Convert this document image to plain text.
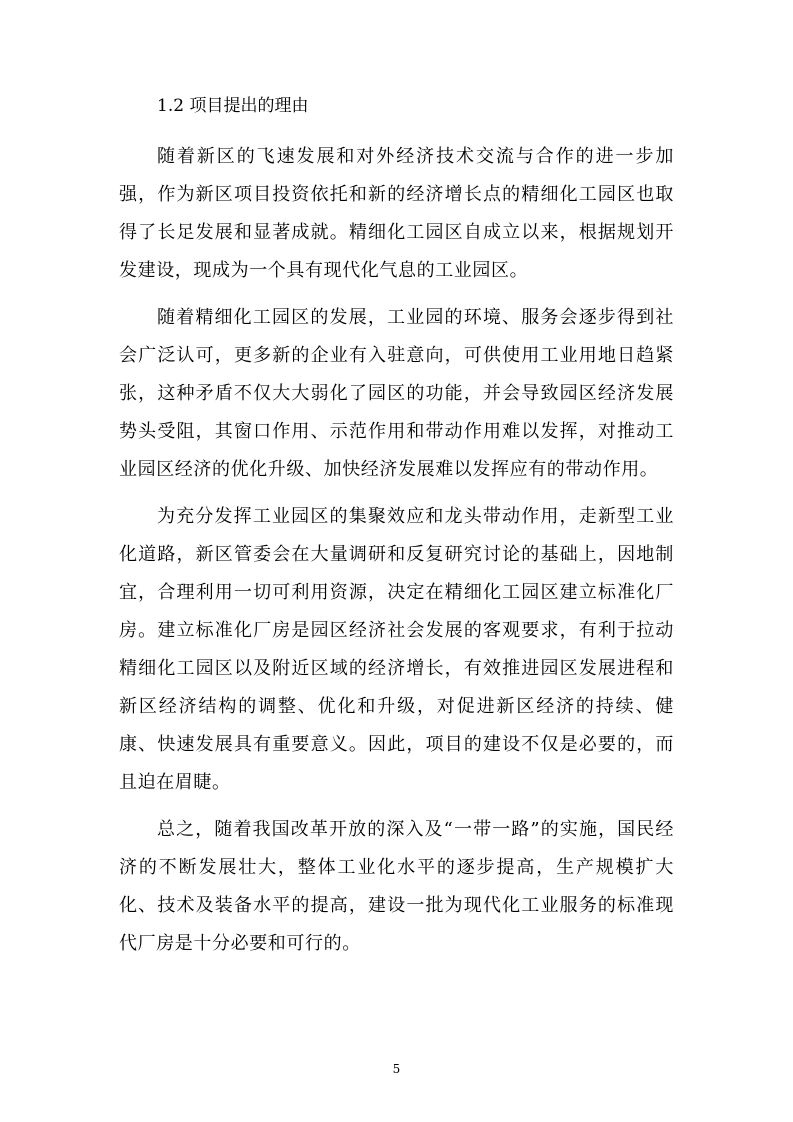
1.2 项目提出的理由

随着新区的飞速发展和对外经济技术交流与合作的进一步加强，作为新区项目投资依托和新的经济增长点的精细化工园区也取得了长足发展和显著成就。精细化工园区自成立以来，根据规划开发建设，现成为一个具有现代化气息的工业园区。

随着精细化工园区的发展，工业园的环境、服务会逐步得到社会广泛认可，更多新的企业有入驻意向，可供使用工业用地日趋紧张，这种矛盾不仅大大弱化了园区的功能，并会导致园区经济发展势头受阻，其窗口作用、示范作用和带动作用难以发挥，对推动工业园区经济的优化升级、加快经济发展难以发挥应有的带动作用。

为充分发挥工业园区的集聚效应和龙头带动作用，走新型工业化道路，新区管委会在大量调研和反复研究讨论的基础上，因地制宜，合理利用一切可利用资源，决定在精细化工园区建立标准化厂房。建立标准化厂房是园区经济社会发展的客观要求，有利于拉动精细化工园区以及附近区域的经济增长，有效推进园区发展进程和新区经济结构的调整、优化和升级，对促进新区经济的持续、健康、快速发展具有重要意义。因此，项目的建设不仅是必要的，而且迫在眉睫。

总之，随着我国改革开放的深入及“一带一路”的实施，国民经济的不断发展壮大，整体工业化水平的逐步提高，生产规模扩大化、技术及装备水平的提高，建设一批为现代化工业服务的标准现代厂房是十分必要和可行的。

5
